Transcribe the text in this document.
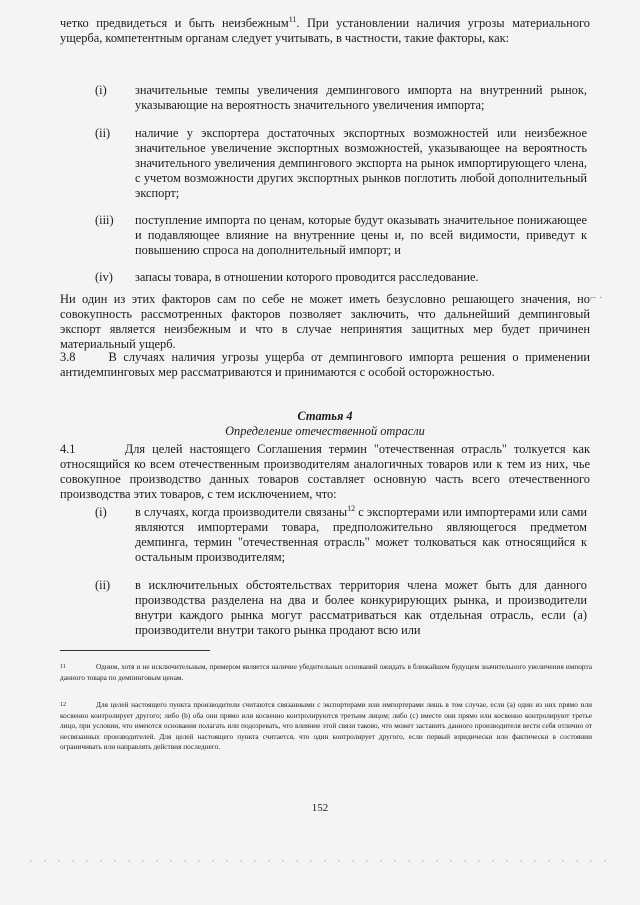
четко предвидеться и быть неизбежным$^{11}$. При установлении наличия угрозы материального ущерба, компетентным органам следует учитывать, в частности, такие факторы, как:
(i)	значительные темпы увеличения демпингового импорта на внутренний рынок, указывающие на вероятность значительного увеличения импорта;
(ii)	наличие у экспортера достаточных экспортных возможностей или неизбежное значительное увеличение экспортных возможностей, указывающее на вероятность значительного увеличения демпингового экспорта на рынок импортирующего члена, с учетом возможности других экспортных рынков поглотить любой дополнительный экспорт;
(iii)	поступление импорта по ценам, которые будут оказывать значительное понижающее и подавляющее влияние на внутренние цены и, по всей видимости, приведут к повышению спроса на дополнительный импорт; и
(iv)	запасы товара, в отношении которого проводится расследование.
Ни один из этих факторов сам по себе не может иметь безусловно решающего значения, но совокупность рассмотренных факторов позволяет заключить, что дальнейший демпинговый экспорт является неизбежным и что в случае непринятия защитных мер будет причинен материальный ущерб.
⌐ ·
3.8	В случаях наличия угрозы ущерба от демпингового импорта решения о применении антидемпинговых мер рассматриваются и принимаются с особой осторожностью.
Статья 4
Определение отечественной отрасли
4.1	Для целей настоящего Соглашения термин "отечественная отрасль" толкуется как относящийся ко всем отечественным производителям аналогичных товаров или к тем из них, чье совокупное производство данных товаров составляет основную часть всего отечественного производства этих товаров, с тем исключением, что:
(i)	в случаях, когда производители связаны$^{12}$ с экспортерами или импортерами или сами являются импортерами товара, предположительно являющегося предметом демпинга, термин "отечественная отрасль" может толковаться как относящийся к остальным производителям;
(ii)	в исключительных обстоятельствах территория члена может быть для данного производства разделена на два и более конкурирующих рынка, и производители внутри каждого рынка могут рассматриваться как отдельная отрасль, если (а) производители внутри такого рынка продают всю или
11	Одним, хотя и не исключительным, примером является наличие убедительных оснований ожидать в ближайшем будущем значительного увеличения импорта данного товара по демпинговым ценам.
12	Для целей настоящего пункта производители считаются связанными с экспортерами или импортерами лишь в том случае, если (а) один из них прямо или косвенно контролирует другого; либо (b) оба они прямо или косвенно контролируются третьим лицом; либо (с) вместе они прямо или косвенно контролируют третье лицо, при условии, что имеются основания полагать или подозревать, что влияние этой связи таково, что может заставить данного производителя вести себя отлично от несвязанных производителей. Для целей настоящего пункта считается, что один контролирует другого, если первый юридически или фактически в состоянии ограничивать или направлять действия последнего.
152
